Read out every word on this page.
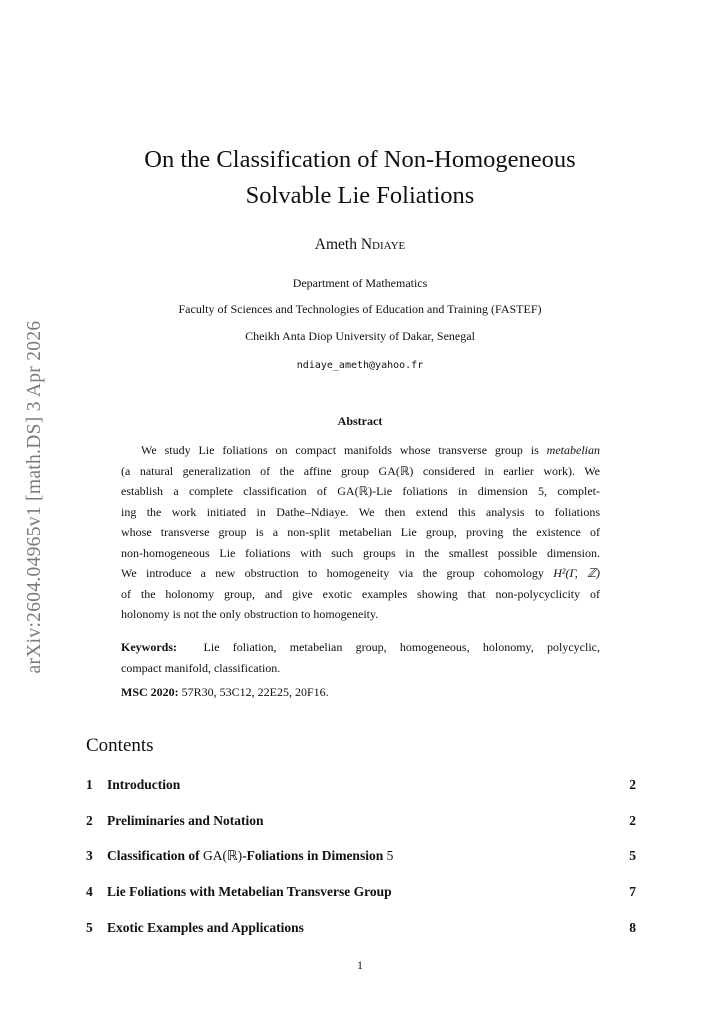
arXiv:2604.04965v1 [math.DS] 3 Apr 2026
On the Classification of Non-Homogeneous
Solvable Lie Foliations
Ameth Ndiaye
Department of Mathematics
Faculty of Sciences and Technologies of Education and Training (FASTEF)
Cheikh Anta Diop University of Dakar, Senegal
ndiaye_ameth@yahoo.fr
Abstract

We study Lie foliations on compact manifolds whose transverse group is metabelian
(a natural generalization of the affine group GA(ℝ) considered in earlier work). We
establish a complete classification of GA(ℝ)-Lie foliations in dimension 5, complet-
ing the work initiated in Dathe–Ndiaye. We then extend this analysis to foliations
whose transverse group is a non-split metabelian Lie group, proving the existence of
non-homogeneous Lie foliations with such groups in the smallest possible dimension.
We introduce a new obstruction to homogeneity via the group cohomology H²(Γ, ℤ)
of the holonomy group, and give exotic examples showing that non-polycyclicity of
holonomy is not the only obstruction to homogeneity.

Keywords: Lie foliation, metabelian group, homogeneous, holonomy, polycyclic,
compact manifold, classification.
MSC 2020: 57R30, 53C12, 22E25, 20F16.
Contents
1 Introduction	2
2 Preliminaries and Notation	2
3 Classification of GA(ℝ)-Foliations in Dimension 5	5
4 Lie Foliations with Metabelian Transverse Group	7
5 Exotic Examples and Applications	8
1
